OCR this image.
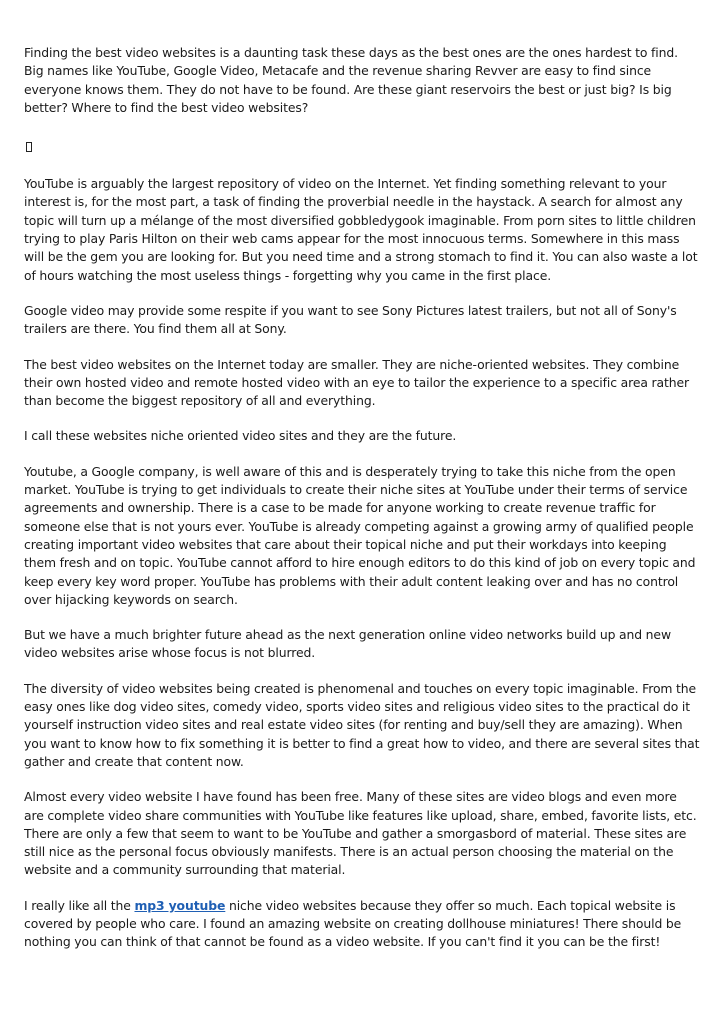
Finding the best video websites is a daunting task these days as the best ones are the ones hardest to find. Big names like YouTube, Google Video, Metacafe and the revenue sharing Revver are easy to find since everyone knows them. They do not have to be found. Are these giant reservoirs the best or just big? Is big better? Where to find the best video websites?

YouTube is arguably the largest repository of video on the Internet. Yet finding something relevant to your interest is, for the most part, a task of finding the proverbial needle in the haystack. A search for almost any topic will turn up a mélange of the most diversified gobbledygook imaginable. From porn sites to little children trying to play Paris Hilton on their web cams appear for the most innocuous terms. Somewhere in this mass will be the gem you are looking for. But you need time and a strong stomach to find it. You can also waste a lot of hours watching the most useless things - forgetting why you came in the first place.

Google video may provide some respite if you want to see Sony Pictures latest trailers, but not all of Sony's trailers are there. You find them all at Sony.

The best video websites on the Internet today are smaller. They are niche-oriented websites. They combine their own hosted video and remote hosted video with an eye to tailor the experience to a specific area rather than become the biggest repository of all and everything.

I call these websites niche oriented video sites and they are the future.

Youtube, a Google company, is well aware of this and is desperately trying to take this niche from the open market. YouTube is trying to get individuals to create their niche sites at YouTube under their terms of service agreements and ownership. There is a case to be made for anyone working to create revenue traffic for someone else that is not yours ever. YouTube is already competing against a growing army of qualified people creating important video websites that care about their topical niche and put their workdays into keeping them fresh and on topic. YouTube cannot afford to hire enough editors to do this kind of job on every topic and keep every key word proper. YouTube has problems with their adult content leaking over and has no control over hijacking keywords on search.

But we have a much brighter future ahead as the next generation online video networks build up and new video websites arise whose focus is not blurred.

The diversity of video websites being created is phenomenal and touches on every topic imaginable. From the easy ones like dog video sites, comedy video, sports video sites and religious video sites to the practical do it yourself instruction video sites and real estate video sites (for renting and buy/sell they are amazing). When you want to know how to fix something it is better to find a great how to video, and there are several sites that gather and create that content now.

Almost every video website I have found has been free. Many of these sites are video blogs and even more are complete video share communities with YouTube like features like upload, share, embed, favorite lists, etc. There are only a few that seem to want to be YouTube and gather a smorgasbord of material. These sites are still nice as the personal focus obviously manifests. There is an actual person choosing the material on the website and a community surrounding that material.

I really like all the mp3 youtube niche video websites because they offer so much. Each topical website is covered by people who care. I found an amazing website on creating dollhouse miniatures! There should be nothing you can think of that cannot be found as a video website. If you can't find it you can be the first!
